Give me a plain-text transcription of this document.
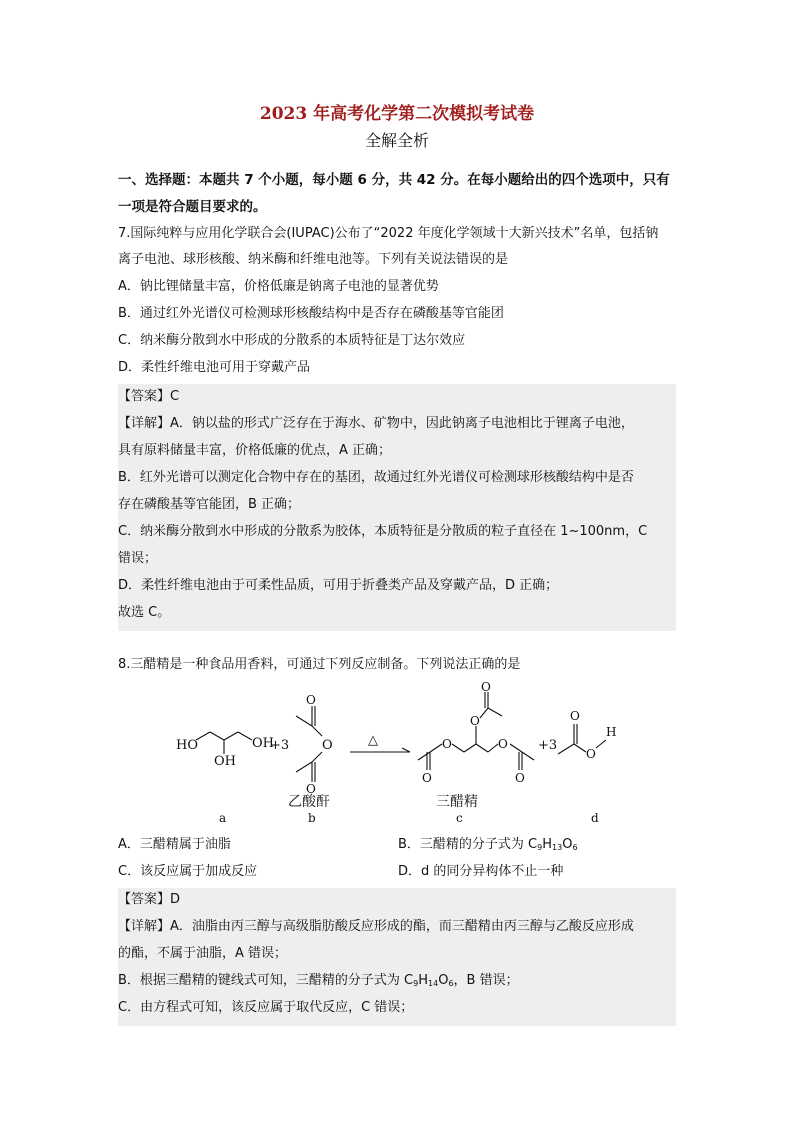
2023 年高考化学第二次模拟考试卷
全解全析
一、选择题：本题共 7 个小题，每小题 6 分，共 42 分。在每小题给出的四个选项中，只有
一项是符合题目要求的。
7.国际纯粹与应用化学联合会(IUPAC)公布了“2022 年度化学领域十大新兴技术”名单，包括钠
离子电池、球形核酸、纳米酶和纤维电池等。下列有关说法错误的是
A．钠比锂储量丰富，价格低廉是钠离子电池的显著优势
B．通过红外光谱仪可检测球形核酸结构中是否存在磷酸基等官能团
C．纳米酶分散到水中形成的分散系的本质特征是丁达尔效应
D．柔性纤维电池可用于穿戴产品
【答案】C
【详解】A．钠以盐的形式广泛存在于海水、矿物中，因此钠离子电池相比于锂离子电池，
具有原料储量丰富，价格低廉的优点，A 正确；
B．红外光谱可以测定化合物中存在的基团，故通过红外光谱仪可检测球形核酸结构中是否
存在磷酸基等官能团，B 正确；
C．纳米酶分散到水中形成的分散系为胶体，本质特征是分散质的粒子直径在 1~100nm，C
错误；
D．柔性纤维电池由于可柔性品质，可用于折叠类产品及穿戴产品，D 正确；
故选 C。
8.三醋精是一种食品用香料，可通过下列反应制备。下列说法正确的是
HO	OH
OH
+3
O
O
O
△	O	O
O
O
O	O
+3
O
O
H
乙酸酐	三醋精
a	b	c	d
A．三醋精属于油脂	B．三醋精的分子式为 $C_9H_{13}O_6$
C．该反应属于加成反应	D．d 的同分异构体不止一种
【答案】D
【详解】A．油脂由丙三醇与高级脂肪酸反应形成的酯，而三醋精由丙三醇与乙酸反应形成
的酯，不属于油脂，A 错误；
B．根据三醋精的键线式可知，三醋精的分子式为 $C_9H_{14}O_6$，B 错误；
C．由方程式可知，该反应属于取代反应，C 错误；
